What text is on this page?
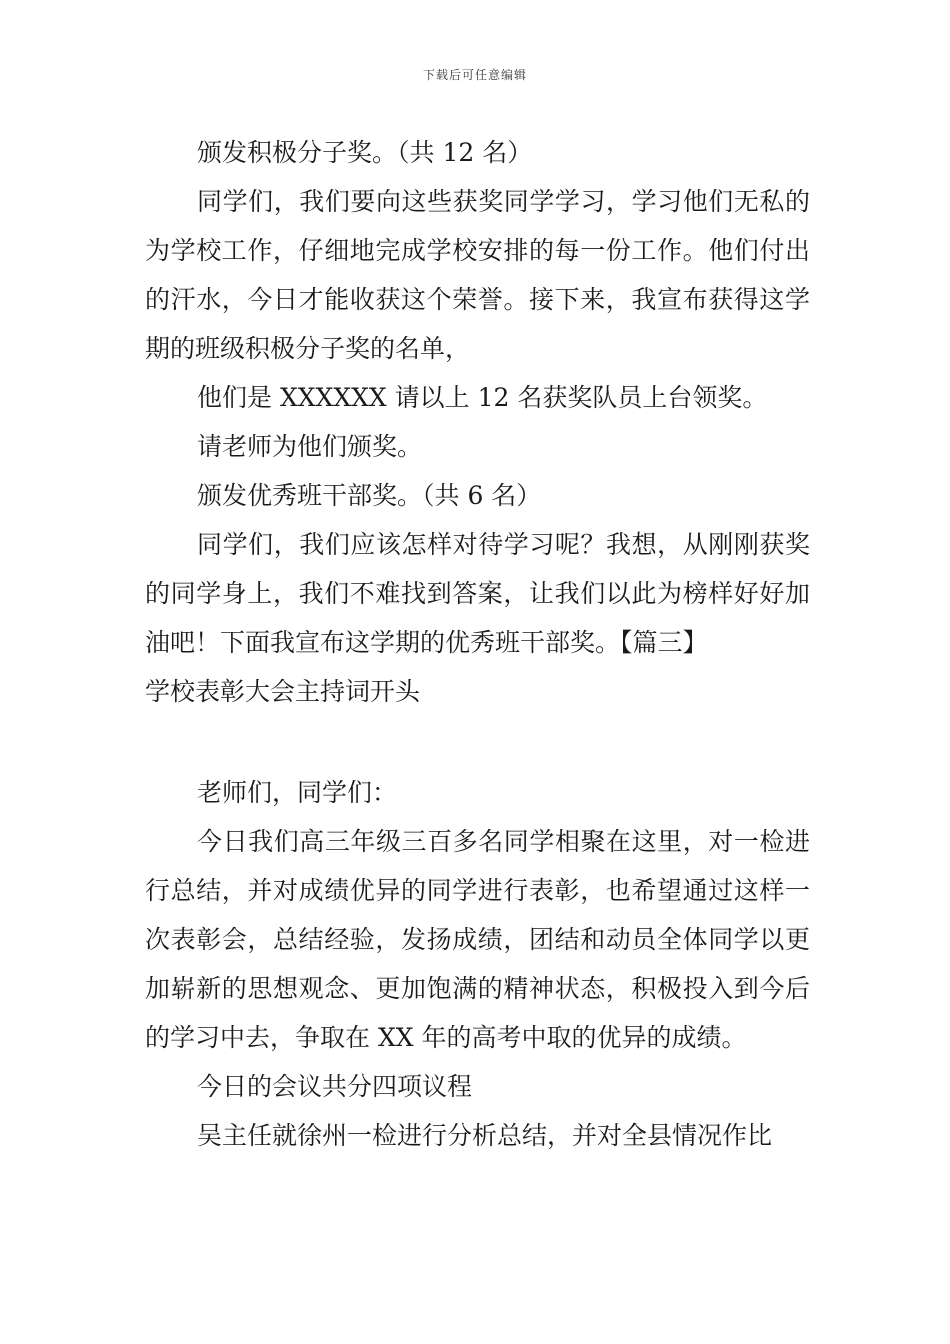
下载后可任意编辑

颁发积极分子奖。（共 12 名）

同学们，我们要向这些获奖同学学习，学习他们无私的为学校工作，仔细地完成学校安排的每一份工作。他们付出的汗水，今日才能收获这个荣誉。接下来，我宣布获得这学期的班级积极分子奖的名单，

他们是 XXXXXX 请以上 12 名获奖队员上台领奖。

请老师为他们颁奖。

颁发优秀班干部奖。（共 6 名）

同学们，我们应该怎样对待学习呢？我想，从刚刚获奖的同学身上，我们不难找到答案，让我们以此为榜样好好加油吧！下面我宣布这学期的优秀班干部奖。【篇三】

学校表彰大会主持词开头

老师们，同学们：

今日我们高三年级三百多名同学相聚在这里，对一检进行总结，并对成绩优异的同学进行表彰，也希望通过这样一次表彰会，总结经验，发扬成绩，团结和动员全体同学以更加崭新的思想观念、更加饱满的精神状态，积极投入到今后的学习中去，争取在 XX 年的高考中取的优异的成绩。

今日的会议共分四项议程

吴主任就徐州一检进行分析总结，并对全县情况作比
